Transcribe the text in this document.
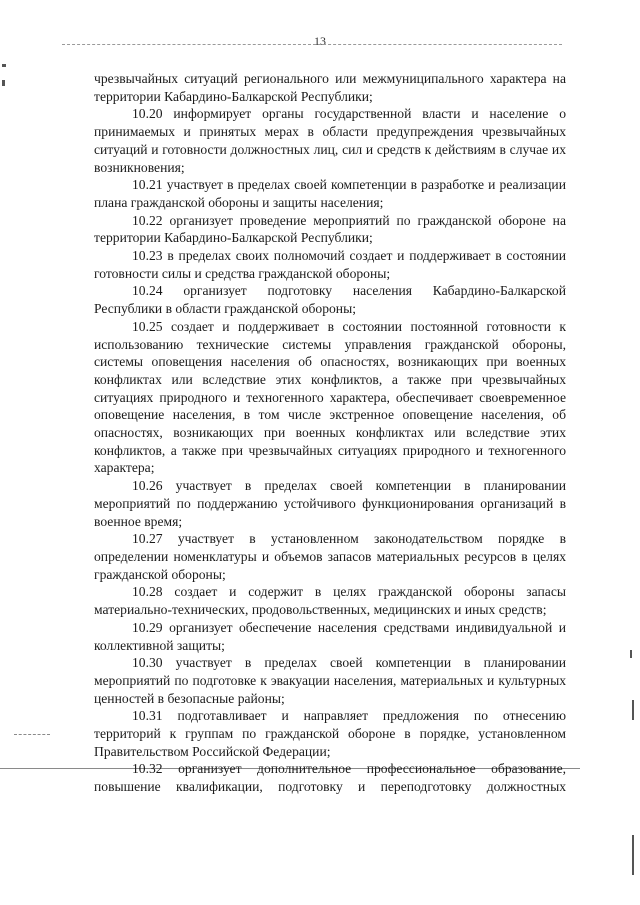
13

чрезвычайных ситуаций регионального или межмуниципального характера на территории Кабардино-Балкарской Республики;

10.20 информирует органы государственной власти и население о принимаемых и принятых мерах в области предупреждения чрезвычайных ситуаций и готовности должностных лиц, сил и средств к действиям в случае их возникновения;

10.21 участвует в пределах своей компетенции в разработке и реализации плана гражданской обороны и защиты населения;

10.22 организует проведение мероприятий по гражданской обороне на территории Кабардино-Балкарской Республики;

10.23 в пределах своих полномочий создает и поддерживает в состоянии готовности силы и средства гражданской обороны;

10.24 организует подготовку населения Кабардино-Балкарской Республики в области гражданской обороны;

10.25 создает и поддерживает в состоянии постоянной готовности к использованию технические системы управления гражданской обороны, системы оповещения населения об опасностях, возникающих при военных конфликтах или вследствие этих конфликтов, а также при чрезвычайных ситуациях природного и техногенного характера, обеспечивает своевременное оповещение населения, в том числе экстренное оповещение населения, об опасностях, возникающих при военных конфликтах или вследствие этих конфликтов, а также при чрезвычайных ситуациях природного и техногенного характера;

10.26 участвует в пределах своей компетенции в планировании мероприятий по поддержанию устойчивого функционирования организаций в военное время;

10.27 участвует в установленном законодательством порядке в определении номенклатуры и объемов запасов материальных ресурсов в целях гражданской обороны;

10.28 создает и содержит в целях гражданской обороны запасы материально-технических, продовольственных, медицинских и иных средств;

10.29 организует обеспечение населения средствами индивидуальной и коллективной защиты;

10.30 участвует в пределах своей компетенции в планировании мероприятий по подготовке к эвакуации населения, материальных и культурных ценностей в безопасные районы;

10.31 подготавливает и направляет предложения по отнесению территорий к группам по гражданской обороне в порядке, установленном Правительством Российской Федерации;

10.32 организует дополнительное профессиональное образование, повышение квалификации, подготовку и переподготовку должностных
